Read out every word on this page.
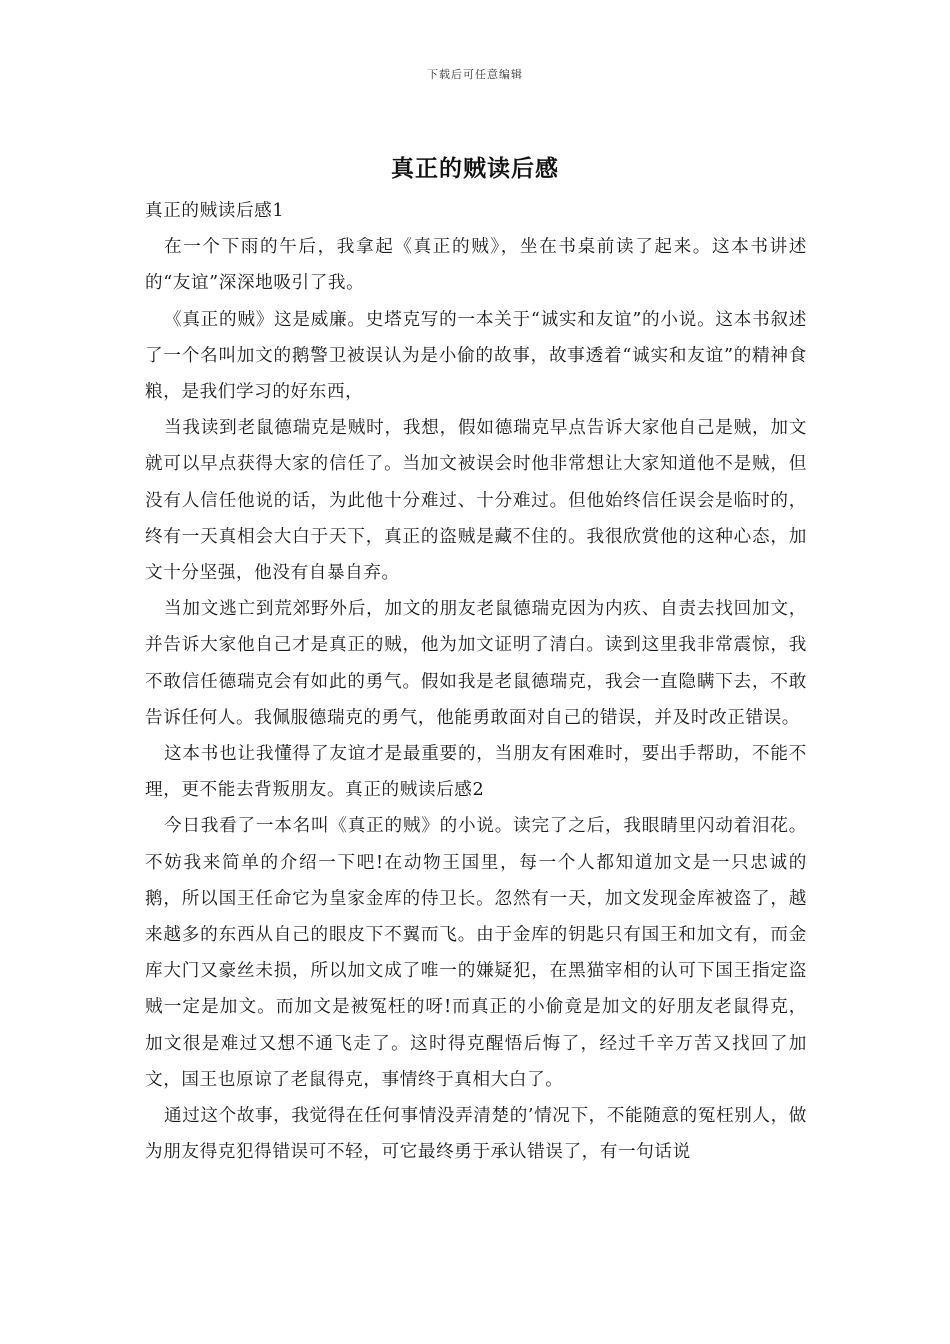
下载后可任意编辑
真正的贼读后感

真正的贼读后感1

在一个下雨的午后，我拿起《真正的贼》，坐在书桌前读了起来。这本书讲述的“友谊”深深地吸引了我。

《真正的贼》这是威廉。史塔克写的一本关于“诚实和友谊”的小说。这本书叙述了一个名叫加文的鹅警卫被误认为是小偷的故事，故事透着“诚实和友谊”的精神食粮，是我们学习的好东西，

当我读到老鼠德瑞克是贼时，我想，假如德瑞克早点告诉大家他自己是贼，加文就可以早点获得大家的信任了。当加文被误会时他非常想让大家知道他不是贼，但没有人信任他说的话，为此他十分难过、十分难过。但他始终信任误会是临时的，终有一天真相会大白于天下，真正的盗贼是藏不住的。我很欣赏他的这种心态，加文十分坚强，他没有自暴自弃。

当加文逃亡到荒郊野外后，加文的朋友老鼠德瑞克因为内疚、自责去找回加文，并告诉大家他自己才是真正的贼，他为加文证明了清白。读到这里我非常震惊，我不敢信任德瑞克会有如此的勇气。假如我是老鼠德瑞克，我会一直隐瞒下去，不敢告诉任何人。我佩服德瑞克的勇气，他能勇敢面对自己的错误，并及时改正错误。

这本书也让我懂得了友谊才是最重要的，当朋友有困难时，要出手帮助，不能不理，更不能去背叛朋友。真正的贼读后感2

今日我看了一本名叫《真正的贼》的小说。读完了之后，我眼睛里闪动着泪花。不妨我来简单的介绍一下吧!在动物王国里，每一个人都知道加文是一只忠诚的鹅，所以国王任命它为皇家金库的侍卫长。忽然有一天，加文发现金库被盗了，越来越多的东西从自己的眼皮下不翼而飞。由于金库的钥匙只有国王和加文有，而金库大门又豪丝未损，所以加文成了唯一的嫌疑犯，在黑猫宰相的认可下国王指定盗贼一定是加文。而加文是被冤枉的呀!而真正的小偷竟是加文的好朋友老鼠得克，加文很是难过又想不通飞走了。这时得克醒悟后悔了，经过千辛万苦又找回了加文，国王也原谅了老鼠得克，事情终于真相大白了。

通过这个故事，我觉得在任何事情没弄清楚的’情况下，不能随意的冤枉别人，做为朋友得克犯得错误可不轻，可它最终勇于承认错误了，有一句话说
